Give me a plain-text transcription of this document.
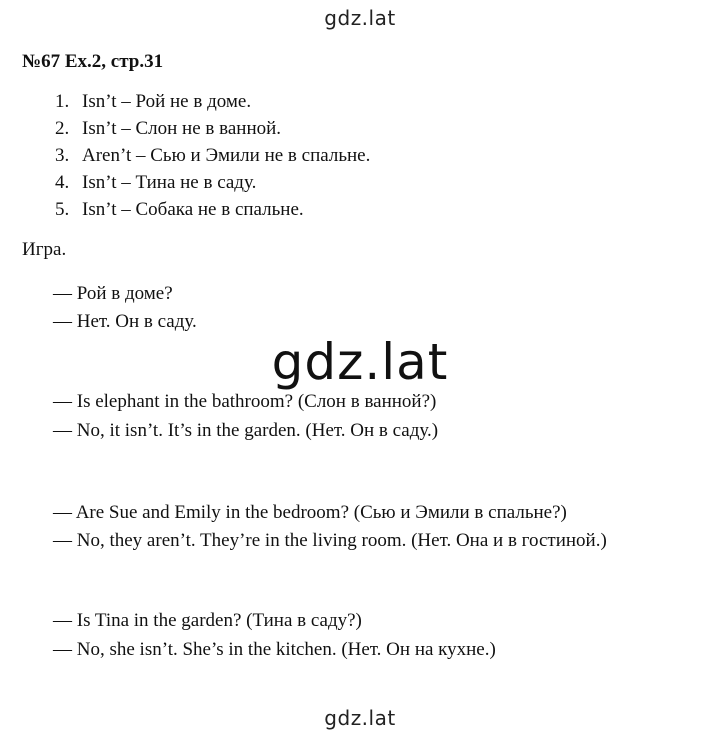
gdz.lat
№67 Ex.2, стр.31
1. Isn’t – Рой не в доме.
2. Isn’t – Слон не в ванной.
3. Aren’t – Сью и Эмили не в спальне.
4. Isn’t – Тина не в саду.
5. Isn’t – Собака не в спальне.
Игра.
— Рой в доме?
— Нет. Он в саду.
gdz.lat
— Is elephant in the bathroom? (Слон в ванной?)
— No, it isn’t. It’s in the garden. (Нет. Он в саду.)
— Are Sue and Emily in the bedroom? (Сью и Эмили в спальне?)
— No, they aren’t. They’re in the living room. (Нет. Она и в гостиной.)
— Is Tina in the garden? (Тина в саду?)
— No, she isn’t. She’s in the kitchen. (Нет. Он на кухне.)
gdz.lat
